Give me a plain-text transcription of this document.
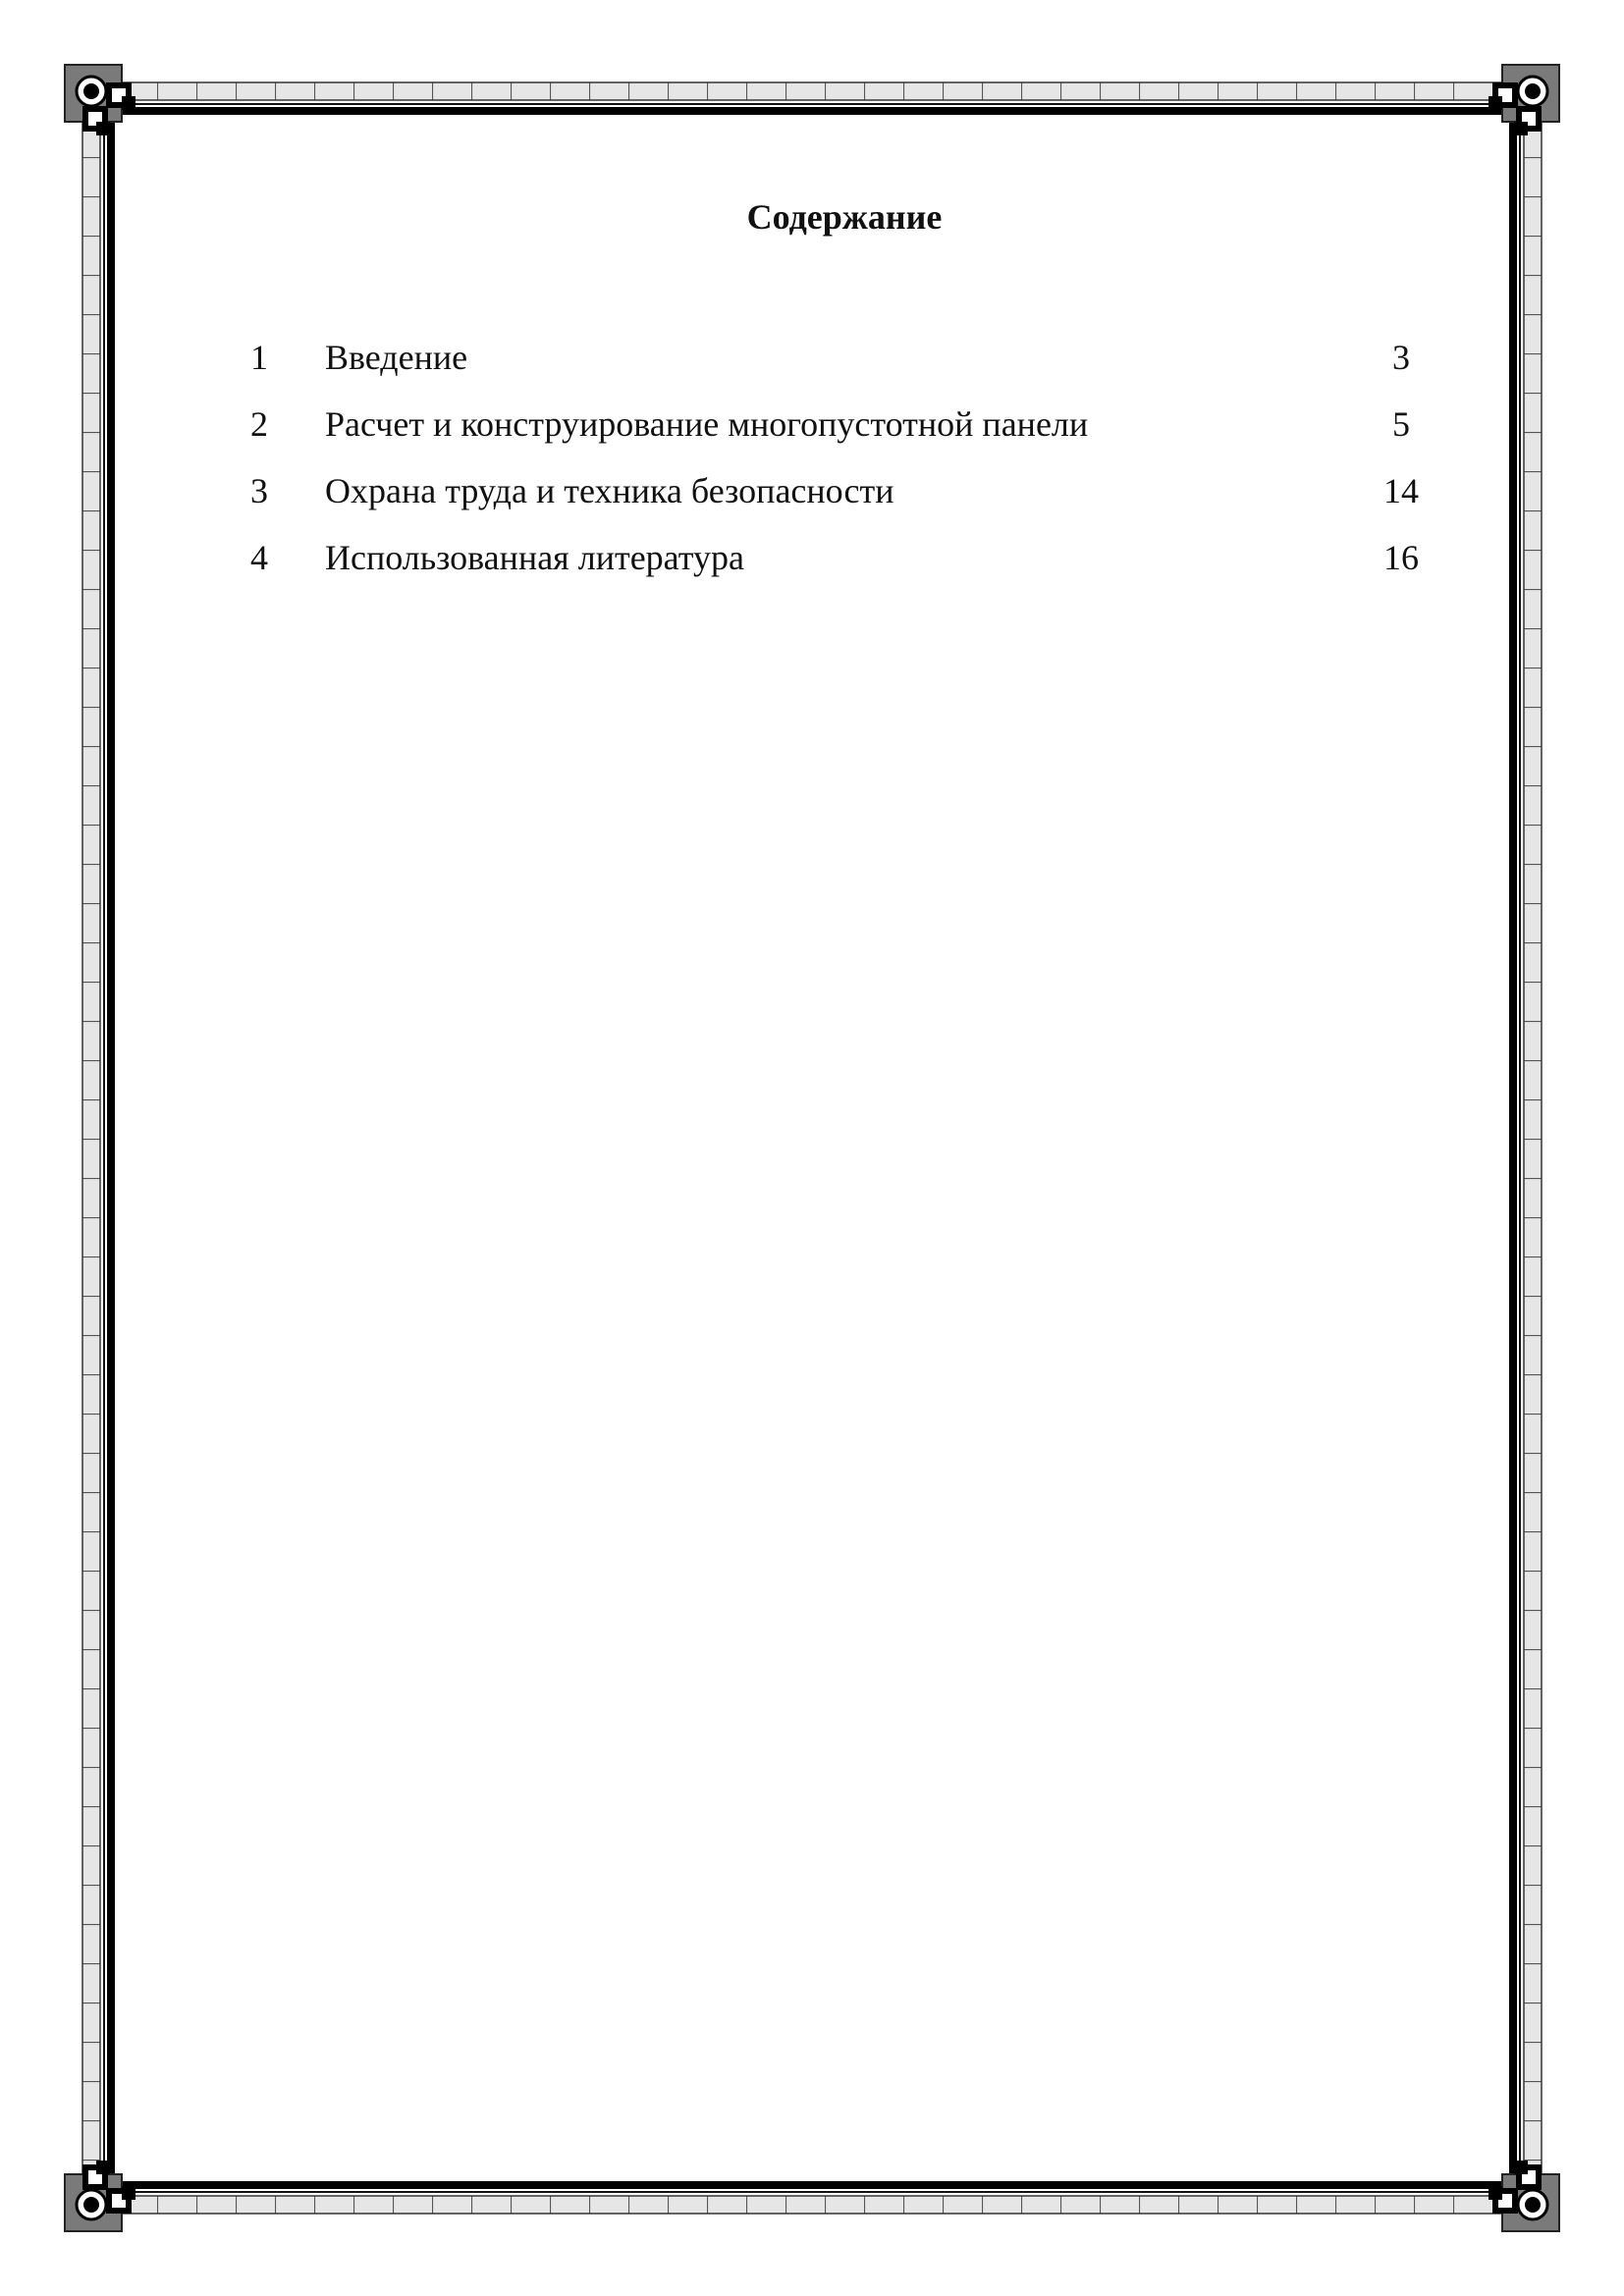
Содержание
1	Введение	3
2	Расчет и конструирование многопустотной панели	5
3	Охрана труда и техника безопасности	14
4	Использованная литература	16
